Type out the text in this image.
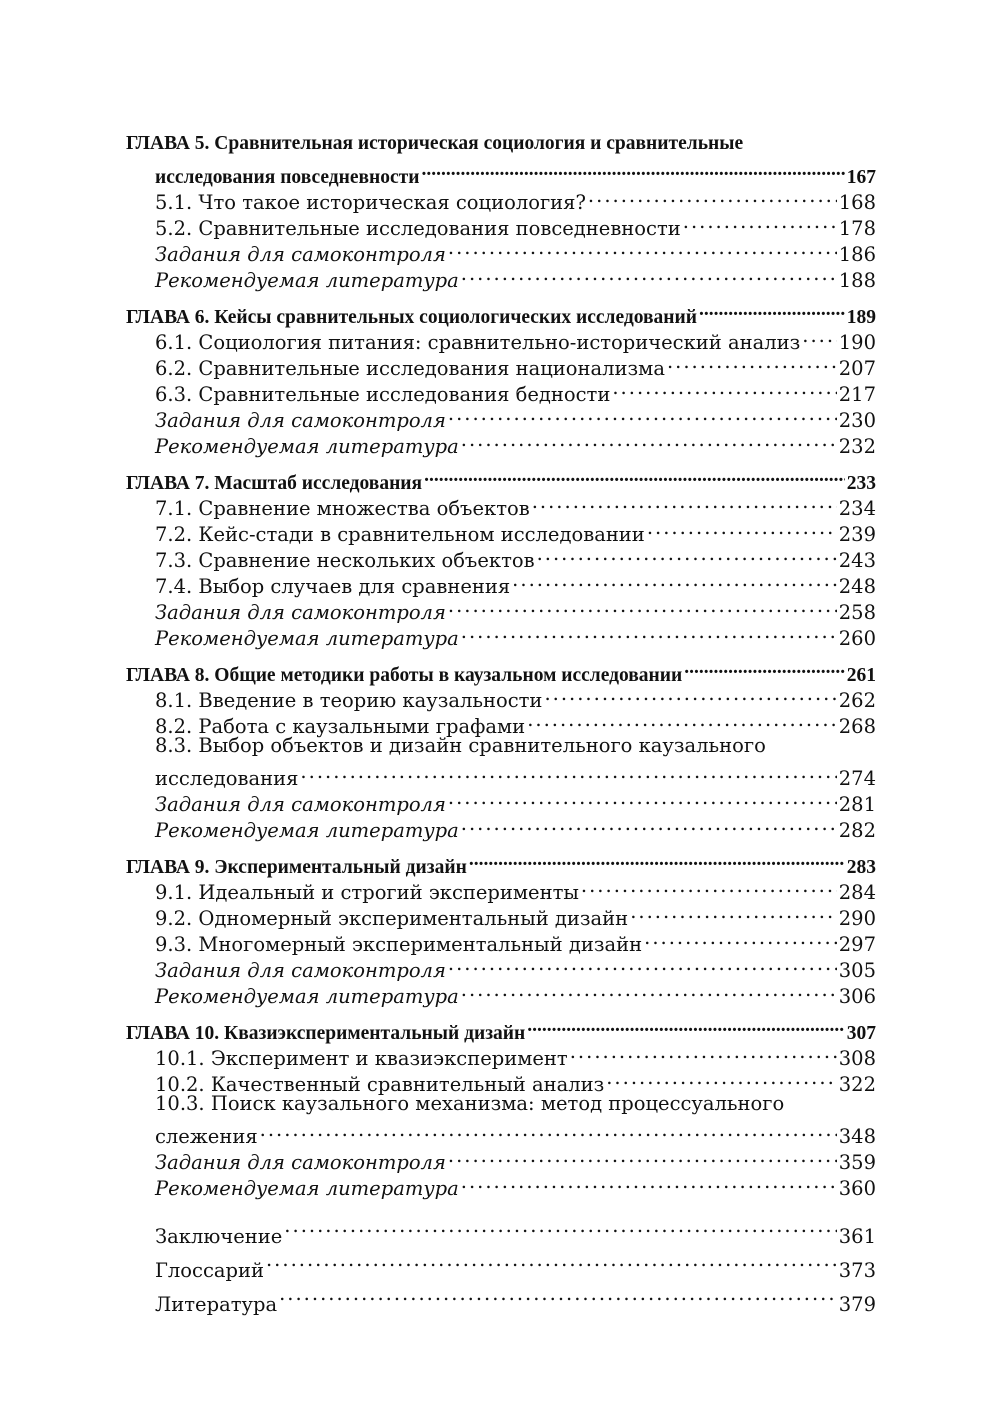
ГЛАВА 5. Сравнительная историческая социология и сравнительные
исследования повседневности .....	167
5.1. Что такое историческая социология? .....	168
5.2. Сравнительные исследования повседневности .....	178
Задания для самоконтроля .....	186
Рекомендуемая литература .....	188
ГЛАВА 6. Кейсы сравнительных социологических исследований .....	189
6.1. Социология питания: сравнительно-исторический анализ ..... 190
6.2. Сравнительные исследования национализма .....	207
6.3. Сравнительные исследования бедности .....	217
Задания для самоконтроля .....	230
Рекомендуемая литература .....	232
ГЛАВА 7. Масштаб исследования .....	233
7.1. Сравнение множества объектов .....	234
7.2. Кейс-стади в сравнительном исследовании .....	239
7.3. Сравнение нескольких объектов .....	243
7.4. Выбор случаев для сравнения .....	248
Задания для самоконтроля .....	258
Рекомендуемая литература .....	260
ГЛАВА 8. Общие методики работы в каузальном исследовании .....	261
8.1. Введение в теорию каузальности .....	262
8.2. Работа с каузальными графами .....	268
8.3. Выбор объектов и дизайн сравнительного каузального
исследования .....	274
Задания для самоконтроля .....	281
Рекомендуемая литература .....	282
ГЛАВА 9. Экспериментальный дизайн .....	283
9.1. Идеальный и строгий эксперименты .....	284
9.2. Одномерный экспериментальный дизайн .....	290
9.3. Многомерный экспериментальный дизайн .....	297
Задания для самоконтроля .....	305
Рекомендуемая литература .....	306
ГЛАВА 10. Квазиэкспериментальный дизайн .....	307
10.1. Эксперимент и квазиэксперимент .....	308
10.2. Качественный сравнительный анализ .....	322
10.3. Поиск каузального механизма: метод процессуального
слежения .....	348
Задания для самоконтроля .....	359
Рекомендуемая литература .....	360
Заключение .....	361
Глоссарий .....	373
Литература .....	379
